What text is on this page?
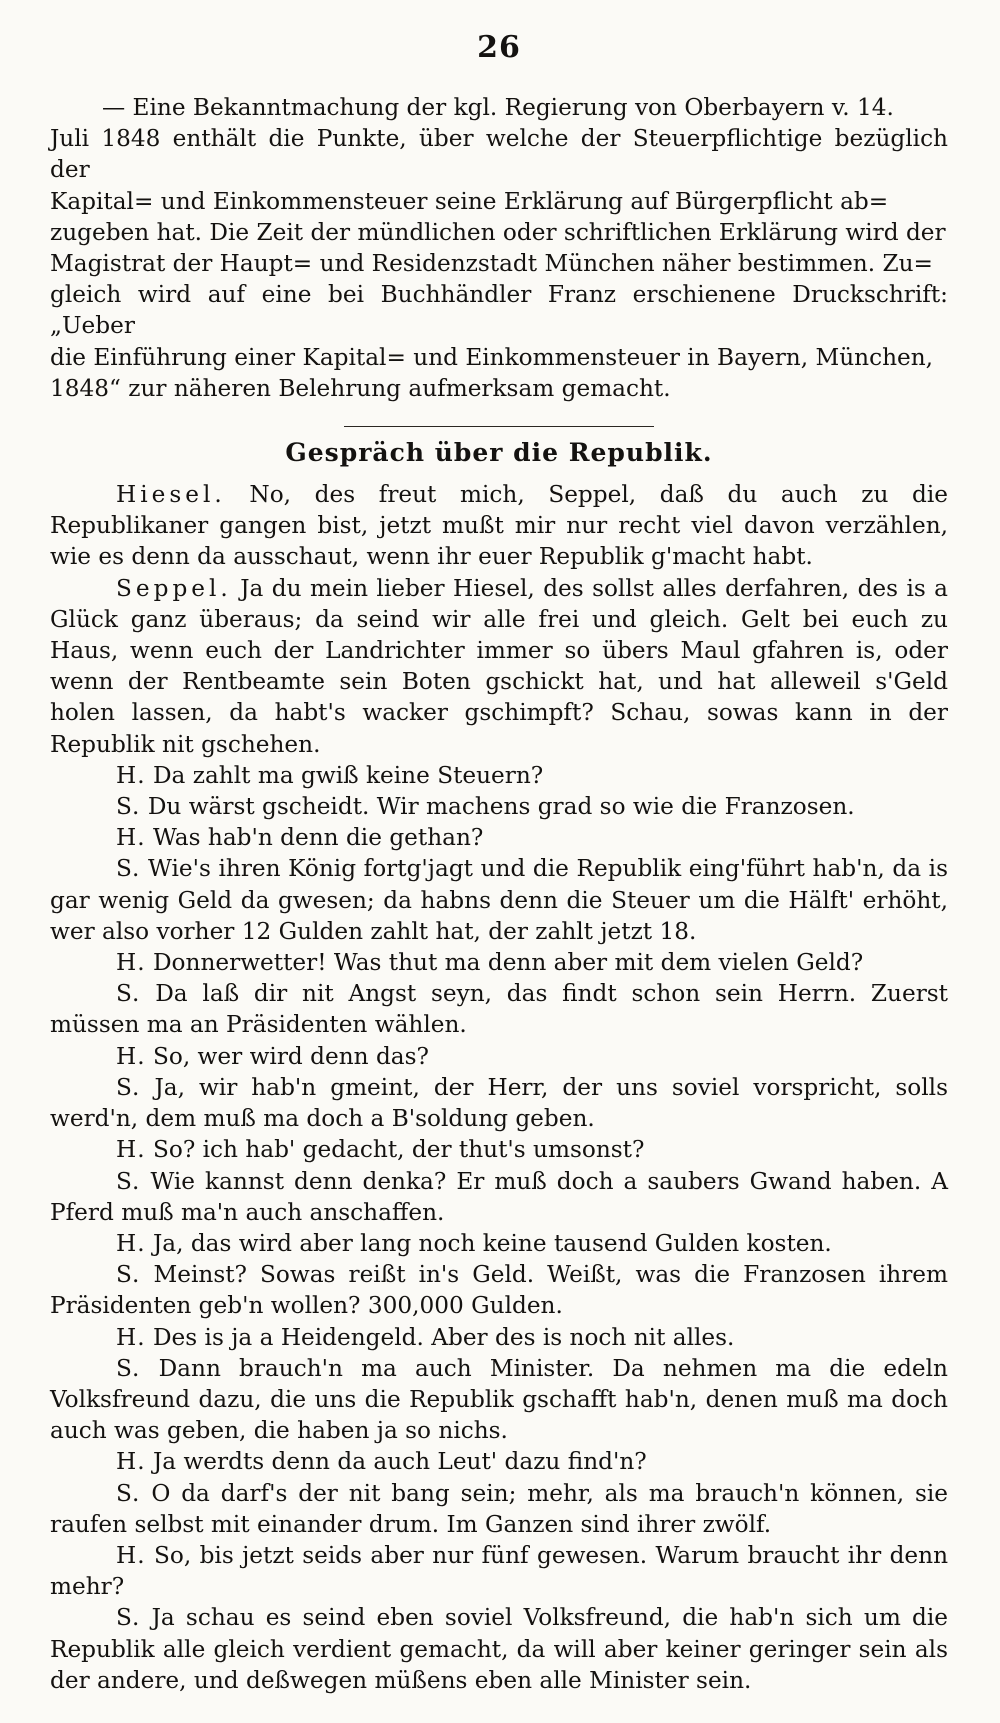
26

— Eine Bekanntmachung der kgl. Regierung von Oberbayern v. 14.
Juli 1848 enthält die Punkte, über welche der Steuerpflichtige bezüglich der
Kapital= und Einkommensteuer seine Erklärung auf Bürgerpflicht ab=
zugeben hat. Die Zeit der mündlichen oder schriftlichen Erklärung wird der
Magistrat der Haupt= und Residenzstadt München näher bestimmen. Zu=
gleich wird auf eine bei Buchhändler Franz erschienene Druckschrift: „Ueber
die Einführung einer Kapital= und Einkommensteuer in Bayern, München,
1848“ zur näheren Belehrung aufmerksam gemacht.

Gespräch über die Republik.
Hiesel. No, des freut mich, Seppel, daß du auch zu die Republikaner gangen bist, jetzt mußt mir nur recht viel davon verzählen, wie es denn da ausschaut, wenn ihr euer Republik g'macht habt.
Seppel. Ja du mein lieber Hiesel, des sollst alles derfahren, des is a Glück ganz überaus; da seind wir alle frei und gleich. Gelt bei euch zu Haus, wenn euch der Landrichter immer so übers Maul gfahren is, oder wenn der Rentbeamte sein Boten gschickt hat, und hat alleweil s'Geld holen lassen, da habt's wacker gschimpft? Schau, sowas kann in der Republik nit gschehen.
H. Da zahlt ma gwiß keine Steuern?
S. Du wärst gscheidt. Wir machens grad so wie die Franzosen.
H. Was hab'n denn die gethan?
S. Wie's ihren König fortg'jagt und die Republik eing'führt hab'n, da is gar wenig Geld da gwesen; da habns denn die Steuer um die Hälft' erhöht, wer also vorher 12 Gulden zahlt hat, der zahlt jetzt 18.
H. Donnerwetter! Was thut ma denn aber mit dem vielen Geld?
S. Da laß dir nit Angst seyn, das findt schon sein Herrn. Zuerst müssen ma an Präsidenten wählen.
H. So, wer wird denn das?
S. Ja, wir hab'n gmeint, der Herr, der uns soviel vorspricht, solls werd'n, dem muß ma doch a B'soldung geben.
H. So? ich hab' gedacht, der thut's umsonst?
S. Wie kannst denn denka? Er muß doch a saubers Gwand haben. A Pferd muß ma'n auch anschaffen.
H. Ja, das wird aber lang noch keine tausend Gulden kosten.
S. Meinst? Sowas reißt in's Geld. Weißt, was die Franzosen ihrem Präsidenten geb'n wollen? 300,000 Gulden.
H. Des is ja a Heidengeld. Aber des is noch nit alles.
S. Dann brauch'n ma auch Minister. Da nehmen ma die edeln Volksfreund dazu, die uns die Republik gschafft hab'n, denen muß ma doch auch was geben, die haben ja so nichs.
H. Ja werdts denn da auch Leut' dazu find'n?
S. O da darf's der nit bang sein; mehr, als ma brauch'n können, sie raufen selbst mit einander drum. Im Ganzen sind ihrer zwölf.
H. So, bis jetzt seids aber nur fünf gewesen. Warum braucht ihr denn mehr?
S. Ja schau es seind eben soviel Volksfreund, die hab'n sich um die Republik alle gleich verdient gemacht, da will aber keiner geringer sein als der andere, und deßwegen müßens eben alle Minister sein.
